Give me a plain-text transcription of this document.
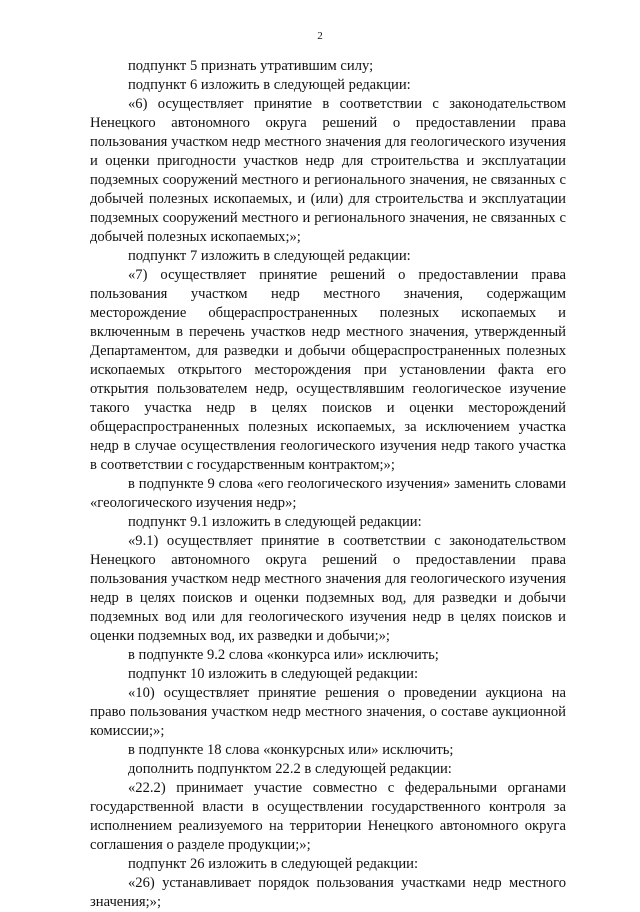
2

подпункт 5 признать утратившим силу;

подпункт 6 изложить в следующей редакции:

«6) осуществляет принятие в соответствии с законодательством Ненецкого автономного округа решений о предоставлении права пользования участком недр местного значения для геологического изучения и оценки пригодности участков недр для строительства и эксплуатации подземных сооружений местного и регионального значения, не связанных с добычей полезных ископаемых, и (или) для строительства и эксплуатации подземных сооружений местного и регионального значения, не связанных с добычей полезных ископаемых;»;

подпункт 7 изложить в следующей редакции:

«7) осуществляет принятие решений о предоставлении права пользования участком недр местного значения, содержащим месторождение общераспространенных полезных ископаемых и включенным в перечень участков недр местного значения, утвержденный Департаментом, для разведки и добычи общераспространенных полезных ископаемых открытого месторождения при установлении факта его открытия пользователем недр, осуществлявшим геологическое изучение такого участка недр в целях поисков и оценки месторождений общераспространенных полезных ископаемых, за исключением участка недр в случае осуществления геологического изучения недр такого участка в соответствии с государственным контрактом;»;

в подпункте 9 слова «его геологического изучения» заменить словами «геологического изучения недр»;

подпункт 9.1 изложить в следующей редакции:

«9.1) осуществляет принятие в соответствии с законодательством Ненецкого автономного округа решений о предоставлении права пользования участком недр местного значения для геологического изучения недр в целях поисков и оценки подземных вод, для разведки и добычи подземных вод или для геологического изучения недр в целях поисков и оценки подземных вод, их разведки и добычи;»;

в подпункте 9.2 слова «конкурса или» исключить;

подпункт 10 изложить в следующей редакции:

«10) осуществляет принятие решения о проведении аукциона на право пользования участком недр местного значения, о составе аукционной комиссии;»;

в подпункте 18 слова «конкурсных или» исключить;

дополнить подпунктом 22.2 в следующей редакции:

«22.2) принимает участие совместно с федеральными органами государственной власти в осуществлении государственного контроля за исполнением реализуемого на территории Ненецкого автономного округа соглашения о разделе продукции;»;

подпункт 26 изложить в следующей редакции:

«26) устанавливает порядок пользования участками недр местного значения;»;
